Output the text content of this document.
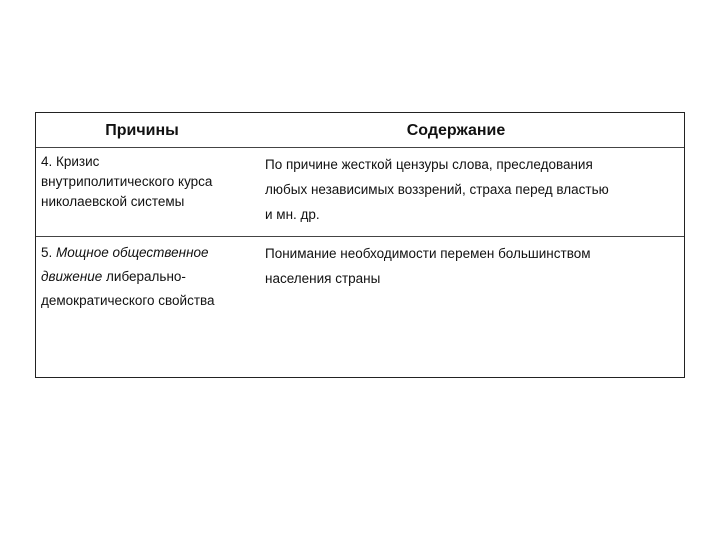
Причины	Содержание
4. Кризис
внутриполитического курса
николаевской системы
По причине жесткой цензуры слова, преследования
любых независимых воззрений, страха перед властью
и мн. др.
5. Мощное общественное
движение либерально-
демократического свойства
Понимание необходимости перемен большинством
населения страны
